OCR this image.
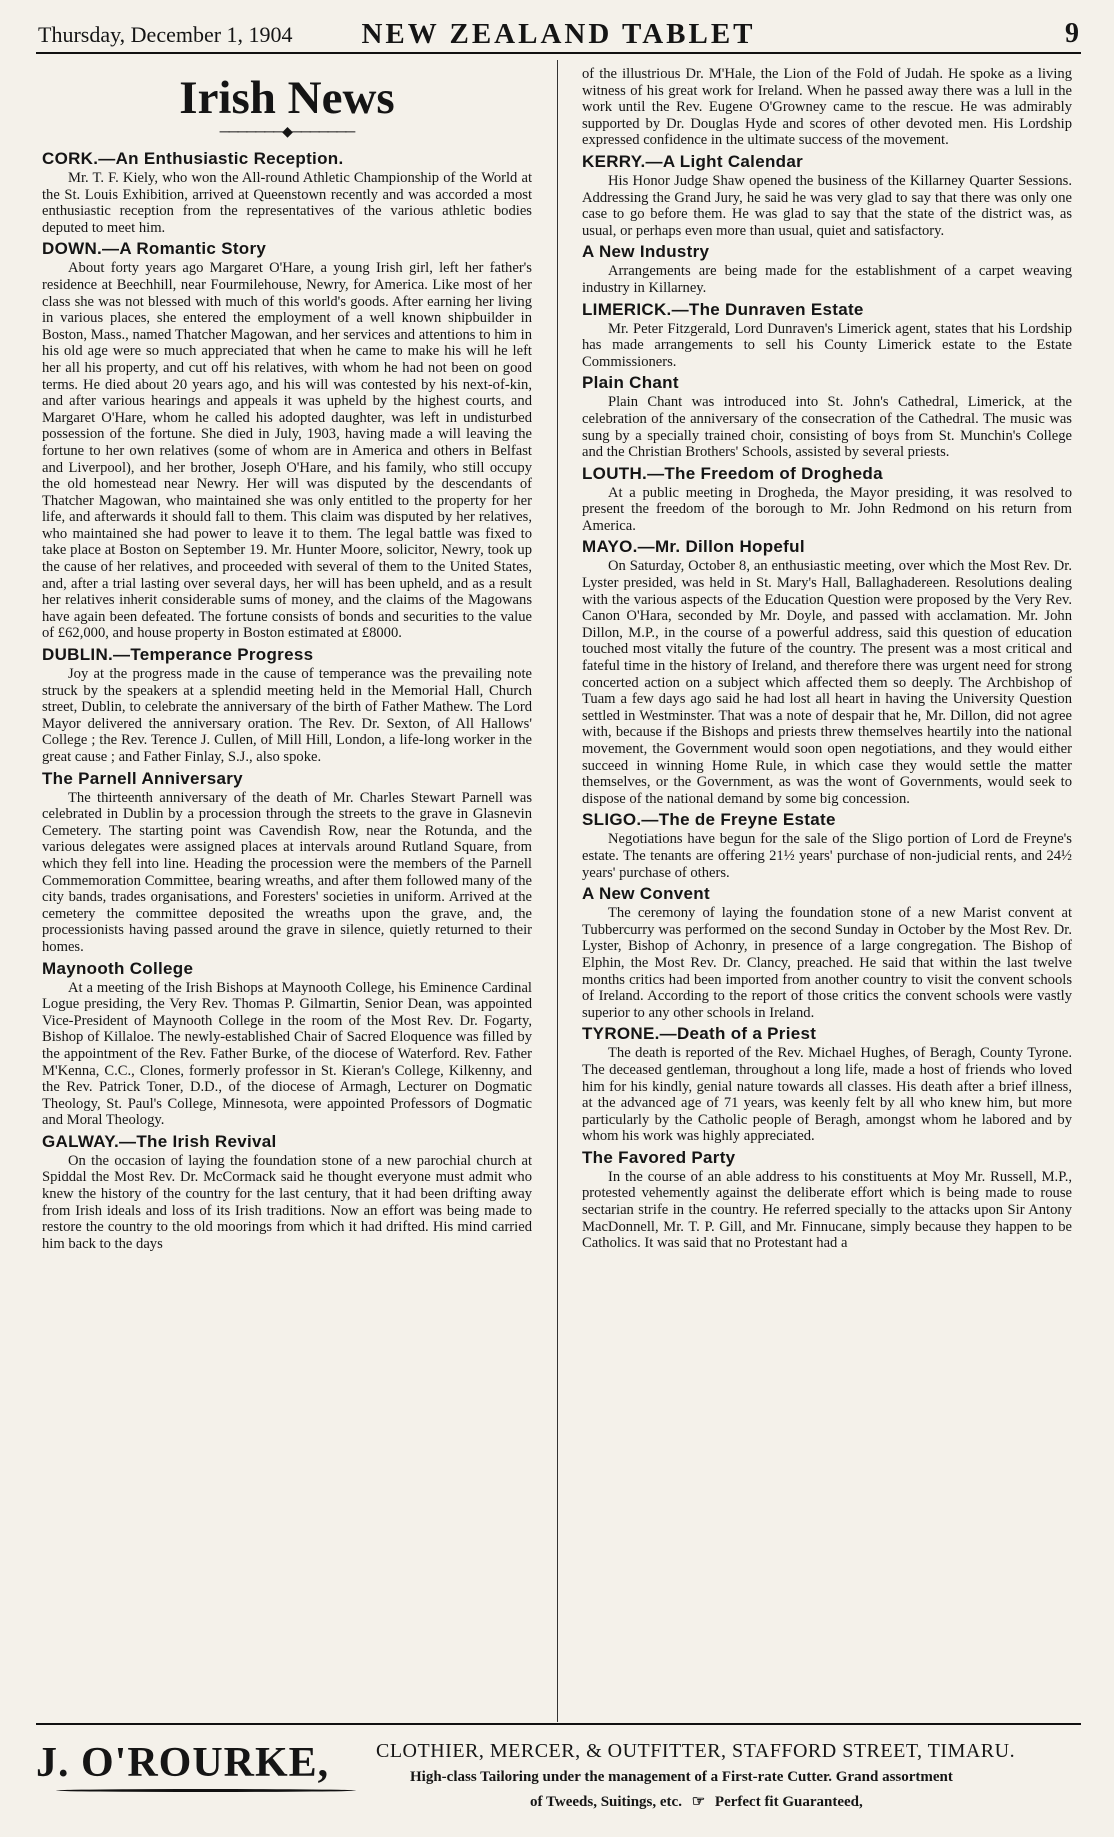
Thursday, December 1, 1904	NEW ZEALAND TABLET	9
Irish News
───────◆───────
CORK.—An Enthusiastic Reception.

Mr. T. F. Kiely, who won the All-round Athletic Championship of the World at the St. Louis Exhibition, arrived at Queenstown recently and was accorded a most enthusiastic reception from the representatives of the various athletic bodies deputed to meet him.

DOWN.—A Romantic Story

About forty years ago Margaret O'Hare, a young Irish girl, left her father's residence at Beechhill, near Fourmilehouse, Newry, for America. Like most of her class she was not blessed with much of this world's goods. After earning her living in various places, she entered the employment of a well known shipbuilder in Boston, Mass., named Thatcher Magowan, and her services and attentions to him in his old age were so much appreciated that when he came to make his will he left her all his property, and cut off his relatives, with whom he had not been on good terms. He died about 20 years ago, and his will was contested by his next-of-kin, and after various hearings and appeals it was upheld by the highest courts, and Margaret O'Hare, whom he called his adopted daughter, was left in undisturbed possession of the fortune. She died in July, 1903, having made a will leaving the fortune to her own relatives (some of whom are in America and others in Belfast and Liverpool), and her brother, Joseph O'Hare, and his family, who still occupy the old homestead near Newry. Her will was disputed by the descendants of Thatcher Magowan, who maintained she was only entitled to the property for her life, and afterwards it should fall to them. This claim was disputed by her relatives, who maintained she had power to leave it to them. The legal battle was fixed to take place at Boston on September 19. Mr. Hunter Moore, solicitor, Newry, took up the cause of her relatives, and proceeded with several of them to the United States, and, after a trial lasting over several days, her will has been upheld, and as a result her relatives inherit considerable sums of money, and the claims of the Magowans have again been defeated. The fortune consists of bonds and securities to the value of £62,000, and house property in Boston estimated at £8000.

DUBLIN.—Temperance Progress

Joy at the progress made in the cause of temperance was the prevailing note struck by the speakers at a splendid meeting held in the Memorial Hall, Church street, Dublin, to celebrate the anniversary of the birth of Father Mathew. The Lord Mayor delivered the anniversary oration. The Rev. Dr. Sexton, of All Hallows' College ; the Rev. Terence J. Cullen, of Mill Hill, London, a life-long worker in the great cause ; and Father Finlay, S.J., also spoke.

The Parnell Anniversary

The thirteenth anniversary of the death of Mr. Charles Stewart Parnell was celebrated in Dublin by a procession through the streets to the grave in Glasnevin Cemetery. The starting point was Cavendish Row, near the Rotunda, and the various delegates were assigned places at intervals around Rutland Square, from which they fell into line. Heading the procession were the members of the Parnell Commemoration Committee, bearing wreaths, and after them followed many of the city bands, trades organisations, and Foresters' societies in uniform. Arrived at the cemetery the committee deposited the wreaths upon the grave, and, the processionists having passed around the grave in silence, quietly returned to their homes.

Maynooth College

At a meeting of the Irish Bishops at Maynooth College, his Eminence Cardinal Logue presiding, the Very Rev. Thomas P. Gilmartin, Senior Dean, was appointed Vice-President of Maynooth College in the room of the Most Rev. Dr. Fogarty, Bishop of Killaloe. The newly-established Chair of Sacred Eloquence was filled by the appointment of the Rev. Father Burke, of the diocese of Waterford. Rev. Father M'Kenna, C.C., Clones, formerly professor in St. Kieran's College, Kilkenny, and the Rev. Patrick Toner, D.D., of the diocese of Armagh, Lecturer on Dogmatic Theology, St. Paul's College, Minnesota, were appointed Professors of Dogmatic and Moral Theology.

GALWAY.—The Irish Revival

On the occasion of laying the foundation stone of a new parochial church at Spiddal the Most Rev. Dr. McCormack said he thought everyone must admit who knew the history of the country for the last century, that it had been drifting away from Irish ideals and loss of its Irish traditions. Now an effort was being made to restore the country to the old moorings from which it had drifted. His mind carried him back to the days

of the illustrious Dr. M'Hale, the Lion of the Fold of Judah. He spoke as a living witness of his great work for Ireland. When he passed away there was a lull in the work until the Rev. Eugene O'Growney came to the rescue. He was admirably supported by Dr. Douglas Hyde and scores of other devoted men. His Lordship expressed confidence in the ultimate success of the movement.

KERRY.—A Light Calendar

His Honor Judge Shaw opened the business of the Killarney Quarter Sessions. Addressing the Grand Jury, he said he was very glad to say that there was only one case to go before them. He was glad to say that the state of the district was, as usual, or perhaps even more than usual, quiet and satisfactory.

A New Industry

Arrangements are being made for the establishment of a carpet weaving industry in Killarney.

LIMERICK.—The Dunraven Estate

Mr. Peter Fitzgerald, Lord Dunraven's Limerick agent, states that his Lordship has made arrangements to sell his County Limerick estate to the Estate Commissioners.

Plain Chant

Plain Chant was introduced into St. John's Cathedral, Limerick, at the celebration of the anniversary of the consecration of the Cathedral. The music was sung by a specially trained choir, consisting of boys from St. Munchin's College and the Christian Brothers' Schools, assisted by several priests.

LOUTH.—The Freedom of Drogheda

At a public meeting in Drogheda, the Mayor presiding, it was resolved to present the freedom of the borough to Mr. John Redmond on his return from America.

MAYO.—Mr. Dillon Hopeful

On Saturday, October 8, an enthusiastic meeting, over which the Most Rev. Dr. Lyster presided, was held in St. Mary's Hall, Ballaghadereen. Resolutions dealing with the various aspects of the Education Question were proposed by the Very Rev. Canon O'Hara, seconded by Mr. Doyle, and passed with acclamation. Mr. John Dillon, M.P., in the course of a powerful address, said this question of education touched most vitally the future of the country. The present was a most critical and fateful time in the history of Ireland, and therefore there was urgent need for strong concerted action on a subject which affected them so deeply. The Archbishop of Tuam a few days ago said he had lost all heart in having the University Question settled in Westminster. That was a note of despair that he, Mr. Dillon, did not agree with, because if the Bishops and priests threw themselves heartily into the national movement, the Government would soon open negotiations, and they would either succeed in winning Home Rule, in which case they would settle the matter themselves, or the Government, as was the wont of Governments, would seek to dispose of the national demand by some big concession.

SLIGO.—The de Freyne Estate

Negotiations have begun for the sale of the Sligo portion of Lord de Freyne's estate. The tenants are offering 21½ years' purchase of non-judicial rents, and 24½ years' purchase of others.

A New Convent

The ceremony of laying the foundation stone of a new Marist convent at Tubbercurry was performed on the second Sunday in October by the Most Rev. Dr. Lyster, Bishop of Achonry, in presence of a large congregation. The Bishop of Elphin, the Most Rev. Dr. Clancy, preached. He said that within the last twelve months critics had been imported from another country to visit the convent schools of Ireland. According to the report of those critics the convent schools were vastly superior to any other schools in Ireland.

TYRONE.—Death of a Priest

The death is reported of the Rev. Michael Hughes, of Beragh, County Tyrone. The deceased gentleman, throughout a long life, made a host of friends who loved him for his kindly, genial nature towards all classes. His death after a brief illness, at the advanced age of 71 years, was keenly felt by all who knew him, but more particularly by the Catholic people of Beragh, amongst whom he labored and by whom his work was highly appreciated.

The Favored Party

In the course of an able address to his constituents at Moy Mr. Russell, M.P., protested vehemently against the deliberate effort which is being made to rouse sectarian strife in the country. He referred specially to the attacks upon Sir Antony MacDonnell, Mr. T. P. Gill, and Mr. Finnucane, simply because they happen to be Catholics. It was said that no Protestant had a

J. O'ROURKE, CLOTHIER, MERCER, & OUTFITTER, STAFFORD STREET, TIMARU.
High-class Tailoring under the management of a First-rate Cutter. Grand assortment
of Tweeds, Suitings, etc. ☞ Perfect fit Guaranteed,
